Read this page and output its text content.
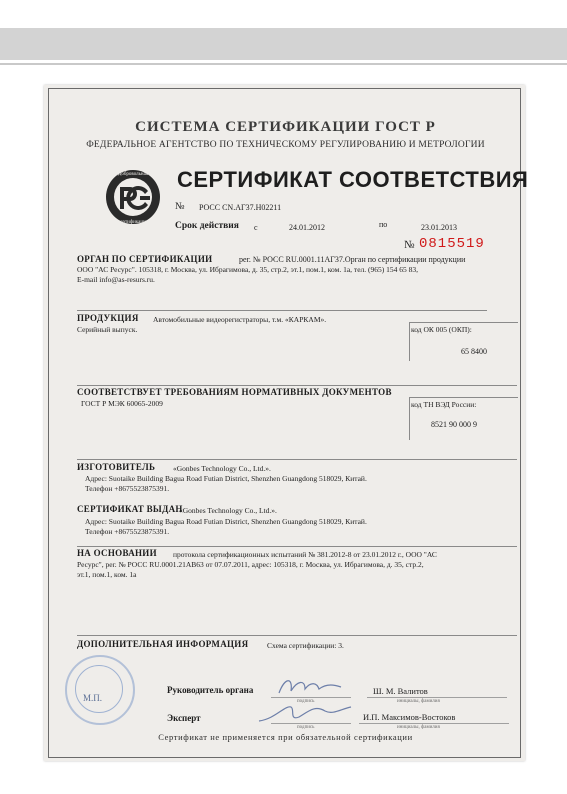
СИСТЕМА СЕРТИФИКАЦИИ ГОСТ Р
ФЕДЕРАЛЬНОЕ АГЕНТСТВО ПО ТЕХНИЧЕСКОМУ РЕГУЛИРОВАНИЮ И МЕТРОЛОГИИ
Добровольная
сертификация
СЕРТИФИКАТ СООТВЕТСТВИЯ
№ РОСС CN.АГ37.Н02211
Срок действия с	24.01.2012	по	23.01.2013
№ 0815519
ОРГАН ПО СЕРТИФИКАЦИИ	рег. № РОСС RU.0001.11АГ37.Орган по сертификации продукции
ООО "АС Ресурс". 105318, г. Москва, ул. Ибрагимова, д. 35, стр.2, эт.1, пом.1, ком. 1а, тел. (965) 154 65 83,
E-mail info@as-resurs.ru.
ПРОДУКЦИЯ Автомобильные видеорегистраторы, т.м. «КАРКАМ».
Серийный выпуск.	код ОК 005 (ОКП):
65 8400
СООТВЕТСТВУЕТ ТРЕБОВАНИЯМ НОРМАТИВНЫХ ДОКУМЕНТОВ
ГОСТ Р МЭК 60065-2009	код ТН ВЭД России:
8521 90 000 9
ИЗГОТОВИТЕЛЬ «Gonbes Technology Co., Ltd.».
Адрес: Suotaike Building Bagua Road Futian District, Shenzhen Guangdong 518029, Китай.
Телефон +8675523875391.
СЕРТИФИКАТ ВЫДАН
«Gonbes Technology Co., Ltd.».
Адрес: Suotaike Building Bagua Road Futian District, Shenzhen Guangdong 518029, Китай.
Телефон +8675523875391.
НА ОСНОВАНИИ протокола сертификационных испытаний № 381.2012-8 от 23.01.2012 г., ООО "АС
Ресурс", рег. № РОСС RU.0001.21АВ63 от 07.07.2011, адрес: 105318, г. Москва, ул. Ибрагимова, д. 35, стр.2,
эт.1, пом.1, ком. 1а
ДОПОЛНИТЕЛЬНАЯ ИНФОРМАЦИЯ Схема сертификации: 3.
М.П.
Руководитель органа
подпись
Ш. М. Валитов
инициалы, фамилия
Эксперт
подпись
И.П. Максимов-Востоков
инициалы, фамилия
Сертификат не применяется при обязательной сертификации
